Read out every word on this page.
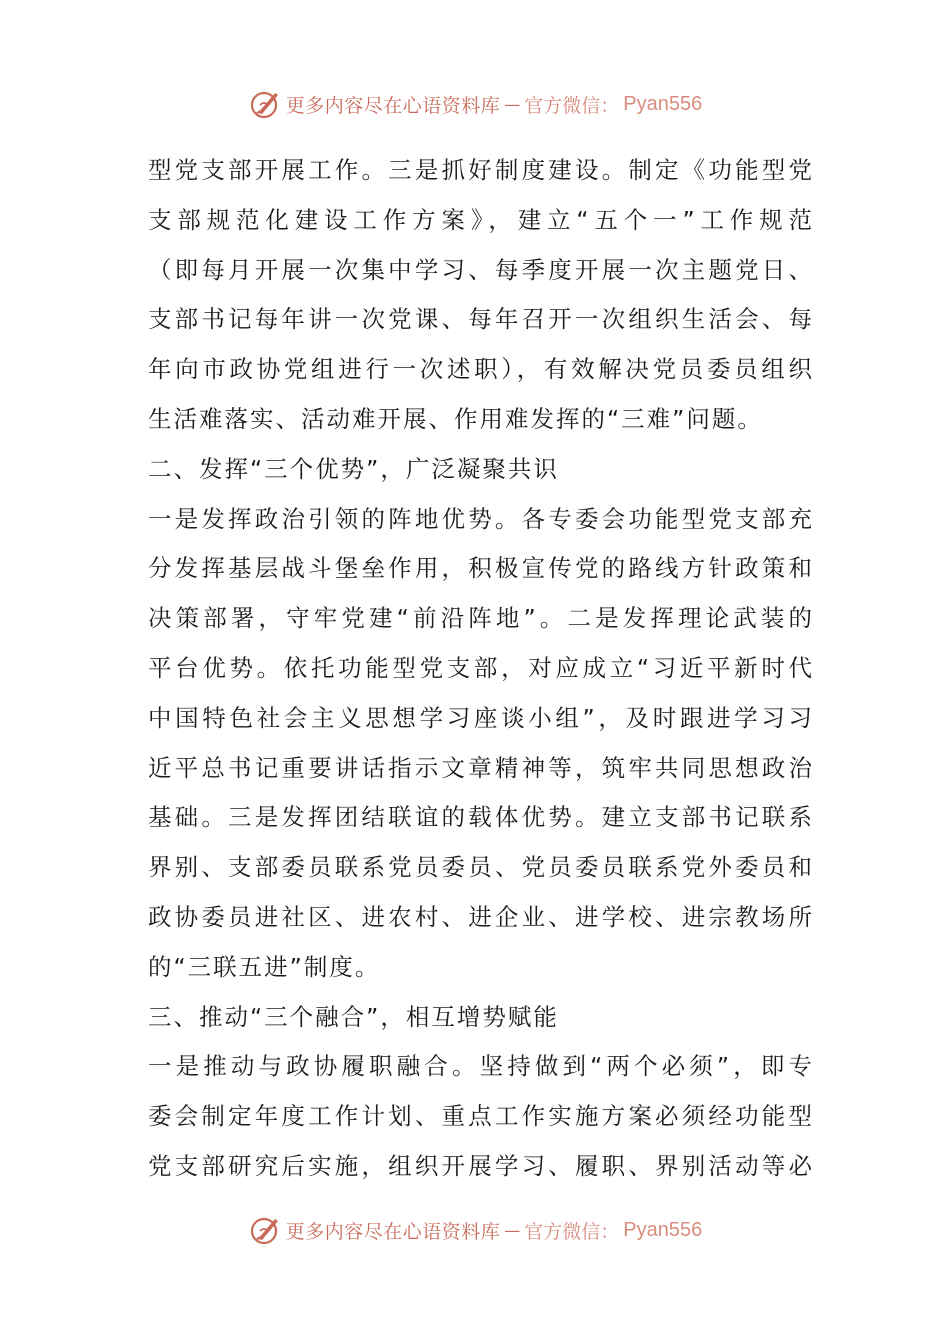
更多内容尽在心语资料库 — 官方微信： Pyan556
型党支部开展工作。三是抓好制度建设。制定《功能型党
支部规范化建设工作方案》，建立“五个一”工作规范
（即每月开展一次集中学习、每季度开展一次主题党日、
支部书记每年讲一次党课、每年召开一次组织生活会、每
年向市政协党组进行一次述职），有效解决党员委员组织
生活难落实、活动难开展、作用难发挥的“三难”问题。
二、发挥“三个优势”，广泛凝聚共识
一是发挥政治引领的阵地优势。各专委会功能型党支部充
分发挥基层战斗堡垒作用，积极宣传党的路线方针政策和
决策部署，守牢党建“前沿阵地”。二是发挥理论武装的
平台优势。依托功能型党支部，对应成立“习近平新时代
中国特色社会主义思想学习座谈小组”，及时跟进学习习
近平总书记重要讲话指示文章精神等，筑牢共同思想政治
基础。三是发挥团结联谊的载体优势。建立支部书记联系
界别、支部委员联系党员委员、党员委员联系党外委员和
政协委员进社区、进农村、进企业、进学校、进宗教场所
的“三联五进”制度。
三、推动“三个融合”，相互增势赋能
一是推动与政协履职融合。坚持做到“两个必须”，即专
委会制定年度工作计划、重点工作实施方案必须经功能型
党支部研究后实施，组织开展学习、履职、界别活动等必
更多内容尽在心语资料库 — 官方微信： Pyan556
